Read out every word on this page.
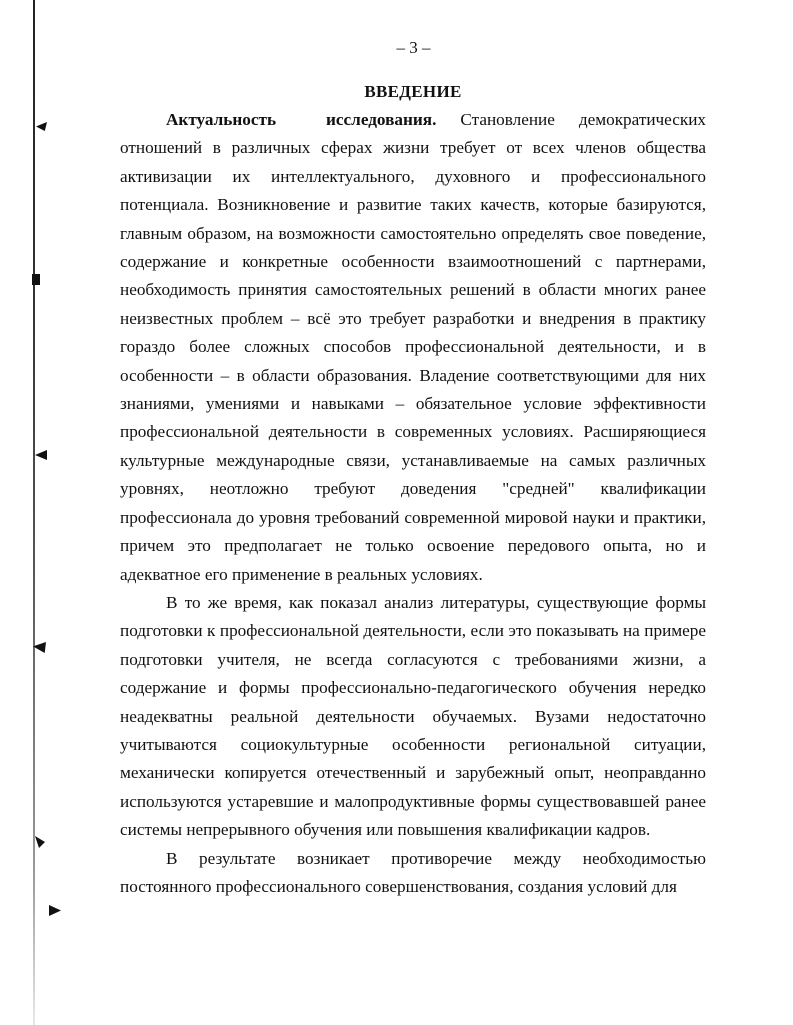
– 3 –
ВВЕДЕНИЕ

Актуальность исследования. Становление демократических отношений в различных сферах жизни требует от всех членов общества активизации их интеллектуального, духовного и профессионального потенциала. Возникновение и развитие таких качеств, которые базируются, главным образом, на возможности самостоятельно определять свое поведение, содержание и конкретные особенности взаимоотношений с партнерами, необходимость принятия самостоятельных решений в области многих ранее неизвестных проблем – всё это требует разработки и внедрения в практику гораздо более сложных способов профессиональной деятельности, и в особенности – в области образования. Владение соответствующими для них знаниями, умениями и навыками – обязательное условие эффективности профессиональной деятельности в современных условиях. Расширяющиеся культурные международные связи, устанавливаемые на самых различных уровнях, неотложно требуют доведения "средней" квалификации профессионала до уровня требований современной мировой науки и практики, причем это предполагает не только освоение передового опыта, но и адекватное его применение в реальных условиях.

В то же время, как показал анализ литературы, существующие формы подготовки к профессиональной деятельности, если это показывать на примере подготовки учителя, не всегда согласуются с требованиями жизни, а содержание и формы профессионально-педагогического обучения нередко неадекватны реальной деятельности обучаемых. Вузами недостаточно учитываются социокультурные особенности региональной ситуации, механически копируется отечественный и зарубежный опыт, неоправданно используются устаревшие и малопродуктивные формы существовавшей ранее системы непрерывного обучения или повышения квалификации кадров.

В результате возникает противоречие между необходимостью постоянного профессионального совершенствования, создания условий для
